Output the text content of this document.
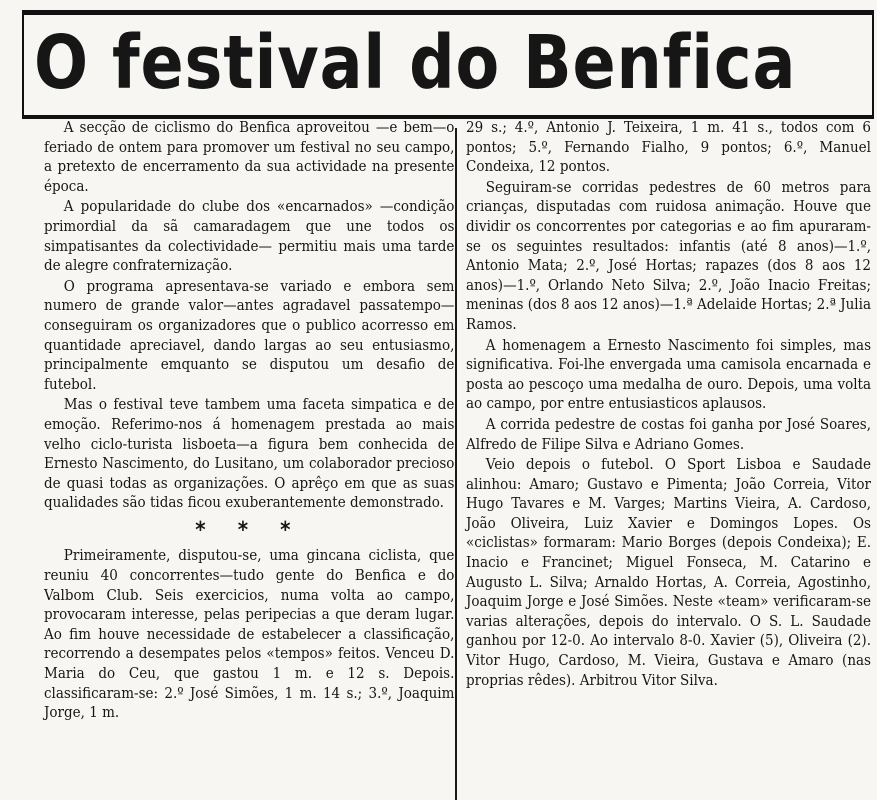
O festival do Benfica

A secção de ciclismo do Benfica aproveitou —e bem—o feriado de ontem para promover um festival no seu campo, a pretexto de encerramento da sua actividade na presente época.

A popularidade do clube dos «encarnados» —condição primordial da sã camaradagem que une todos os simpatisantes da colectividade— permitiu mais uma tarde de alegre confraternização.

O programa apresentava-se variado e embora sem numero de grande valor—antes agradavel passatempo—conseguiram os organizadores que o publico acorresso em quantidade apreciavel, dando largas ao seu entusiasmo, principalmente emquanto se disputou um desafio de futebol.

Mas o festival teve tambem uma faceta simpatica e de emoção. Referimo-nos á homenagem prestada ao mais velho ciclo-turista lisboeta—a figura bem conhecida de Ernesto Nascimento, do Lusitano, um colaborador precioso de quasi todas as organizações. O aprêço em que as suas qualidades são tidas ficou exuberantemente demonstrado.

* * *

Primeiramente, disputou-se, uma gincana ciclista, que reuniu 40 concorrentes—tudo gente do Benfica e do Valbom Club. Seis exercicios, numa volta ao campo, provocaram interesse, pelas peripecias a que deram lugar. Ao fim houve necessidade de estabelecer a classificação, recorrendo a desempates pelos «tempos» feitos. Venceu D. Maria do Ceu, que gastou 1 m. e 12 s. Depois. classificaram-se: 2.º José Simões, 1 m. 14 s.; 3.º, Joaquim Jorge, 1 m.

29 s.; 4.º, Antonio J. Teixeira, 1 m. 41 s., todos com 6 pontos; 5.º, Fernando Fialho, 9 pontos; 6.º, Manuel Condeixa, 12 pontos.

Seguiram-se corridas pedestres de 60 metros para crianças, disputadas com ruidosa animação. Houve que dividir os concorrentes por categorias e ao fim apuraram-se os seguintes resultados: infantis (até 8 anos)—1.º, Antonio Mata; 2.º, José Hortas; rapazes (dos 8 aos 12 anos)—1.º, Orlando Neto Silva; 2.º, João Inacio Freitas; meninas (dos 8 aos 12 anos)—1.ª Adelaide Hortas; 2.ª Julia Ramos.

A homenagem a Ernesto Nascimento foi simples, mas significativa. Foi-lhe envergada uma camisola encarnada e posta ao pescoço uma medalha de ouro. Depois, uma volta ao campo, por entre entusiasticos aplausos.

A corrida pedestre de costas foi ganha por José Soares, Alfredo de Filipe Silva e Adriano Gomes.

Veio depois o futebol. O Sport Lisboa e Saudade alinhou: Amaro; Gustavo e Pimenta; João Correia, Vitor Hugo Tavares e M. Varges; Martins Vieira, A. Cardoso, João Oliveira, Luiz Xavier e Domingos Lopes. Os «ciclistas» formaram: Mario Borges (depois Condeixa); E. Inacio e Francinet; Miguel Fonseca, M. Catarino e Augusto L. Silva; Arnaldo Hortas, A. Correia, Agostinho, Joaquim Jorge e José Simões. Neste «team» verificaram-se varias alterações, depois do intervalo. O S. L. Saudade ganhou por 12-0. Ao intervalo 8-0. Xavier (5), Oliveira (2). Vitor Hugo, Cardoso, M. Vieira, Gustava e Amaro (nas proprias rêdes). Arbitrou Vitor Silva.
